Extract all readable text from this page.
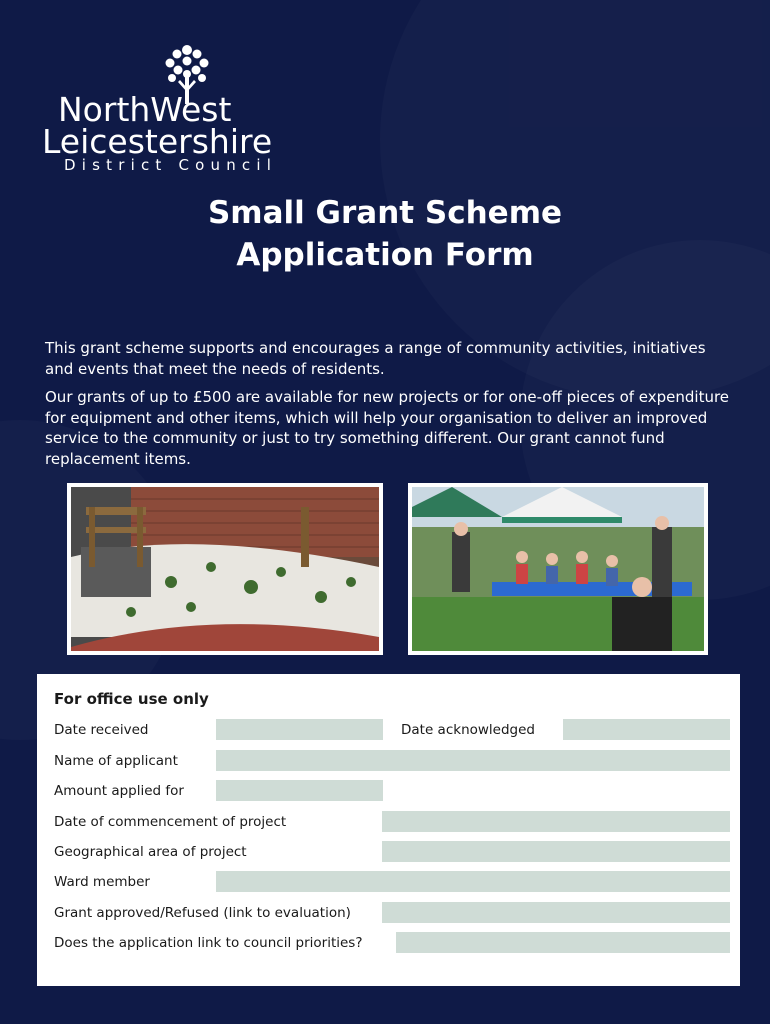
NorthWest
Leicestershire
District Council
Small Grant Scheme
Application Form

This grant scheme supports and encourages a range of community activities, initiatives and events that meet the needs of residents.

Our grants of up to £500 are available for new projects or for one-off pieces of expenditure for equipment and other items, which will help your organisation to deliver an improved service to the community or just to try something different. Our grant cannot fund replacement items.

For office use only
Date received	Date acknowledged
Name of applicant
Amount applied for
Date of commencement of project
Geographical area of project
Ward member
Grant approved/Refused (link to evaluation)
Does the application link to council priorities?
